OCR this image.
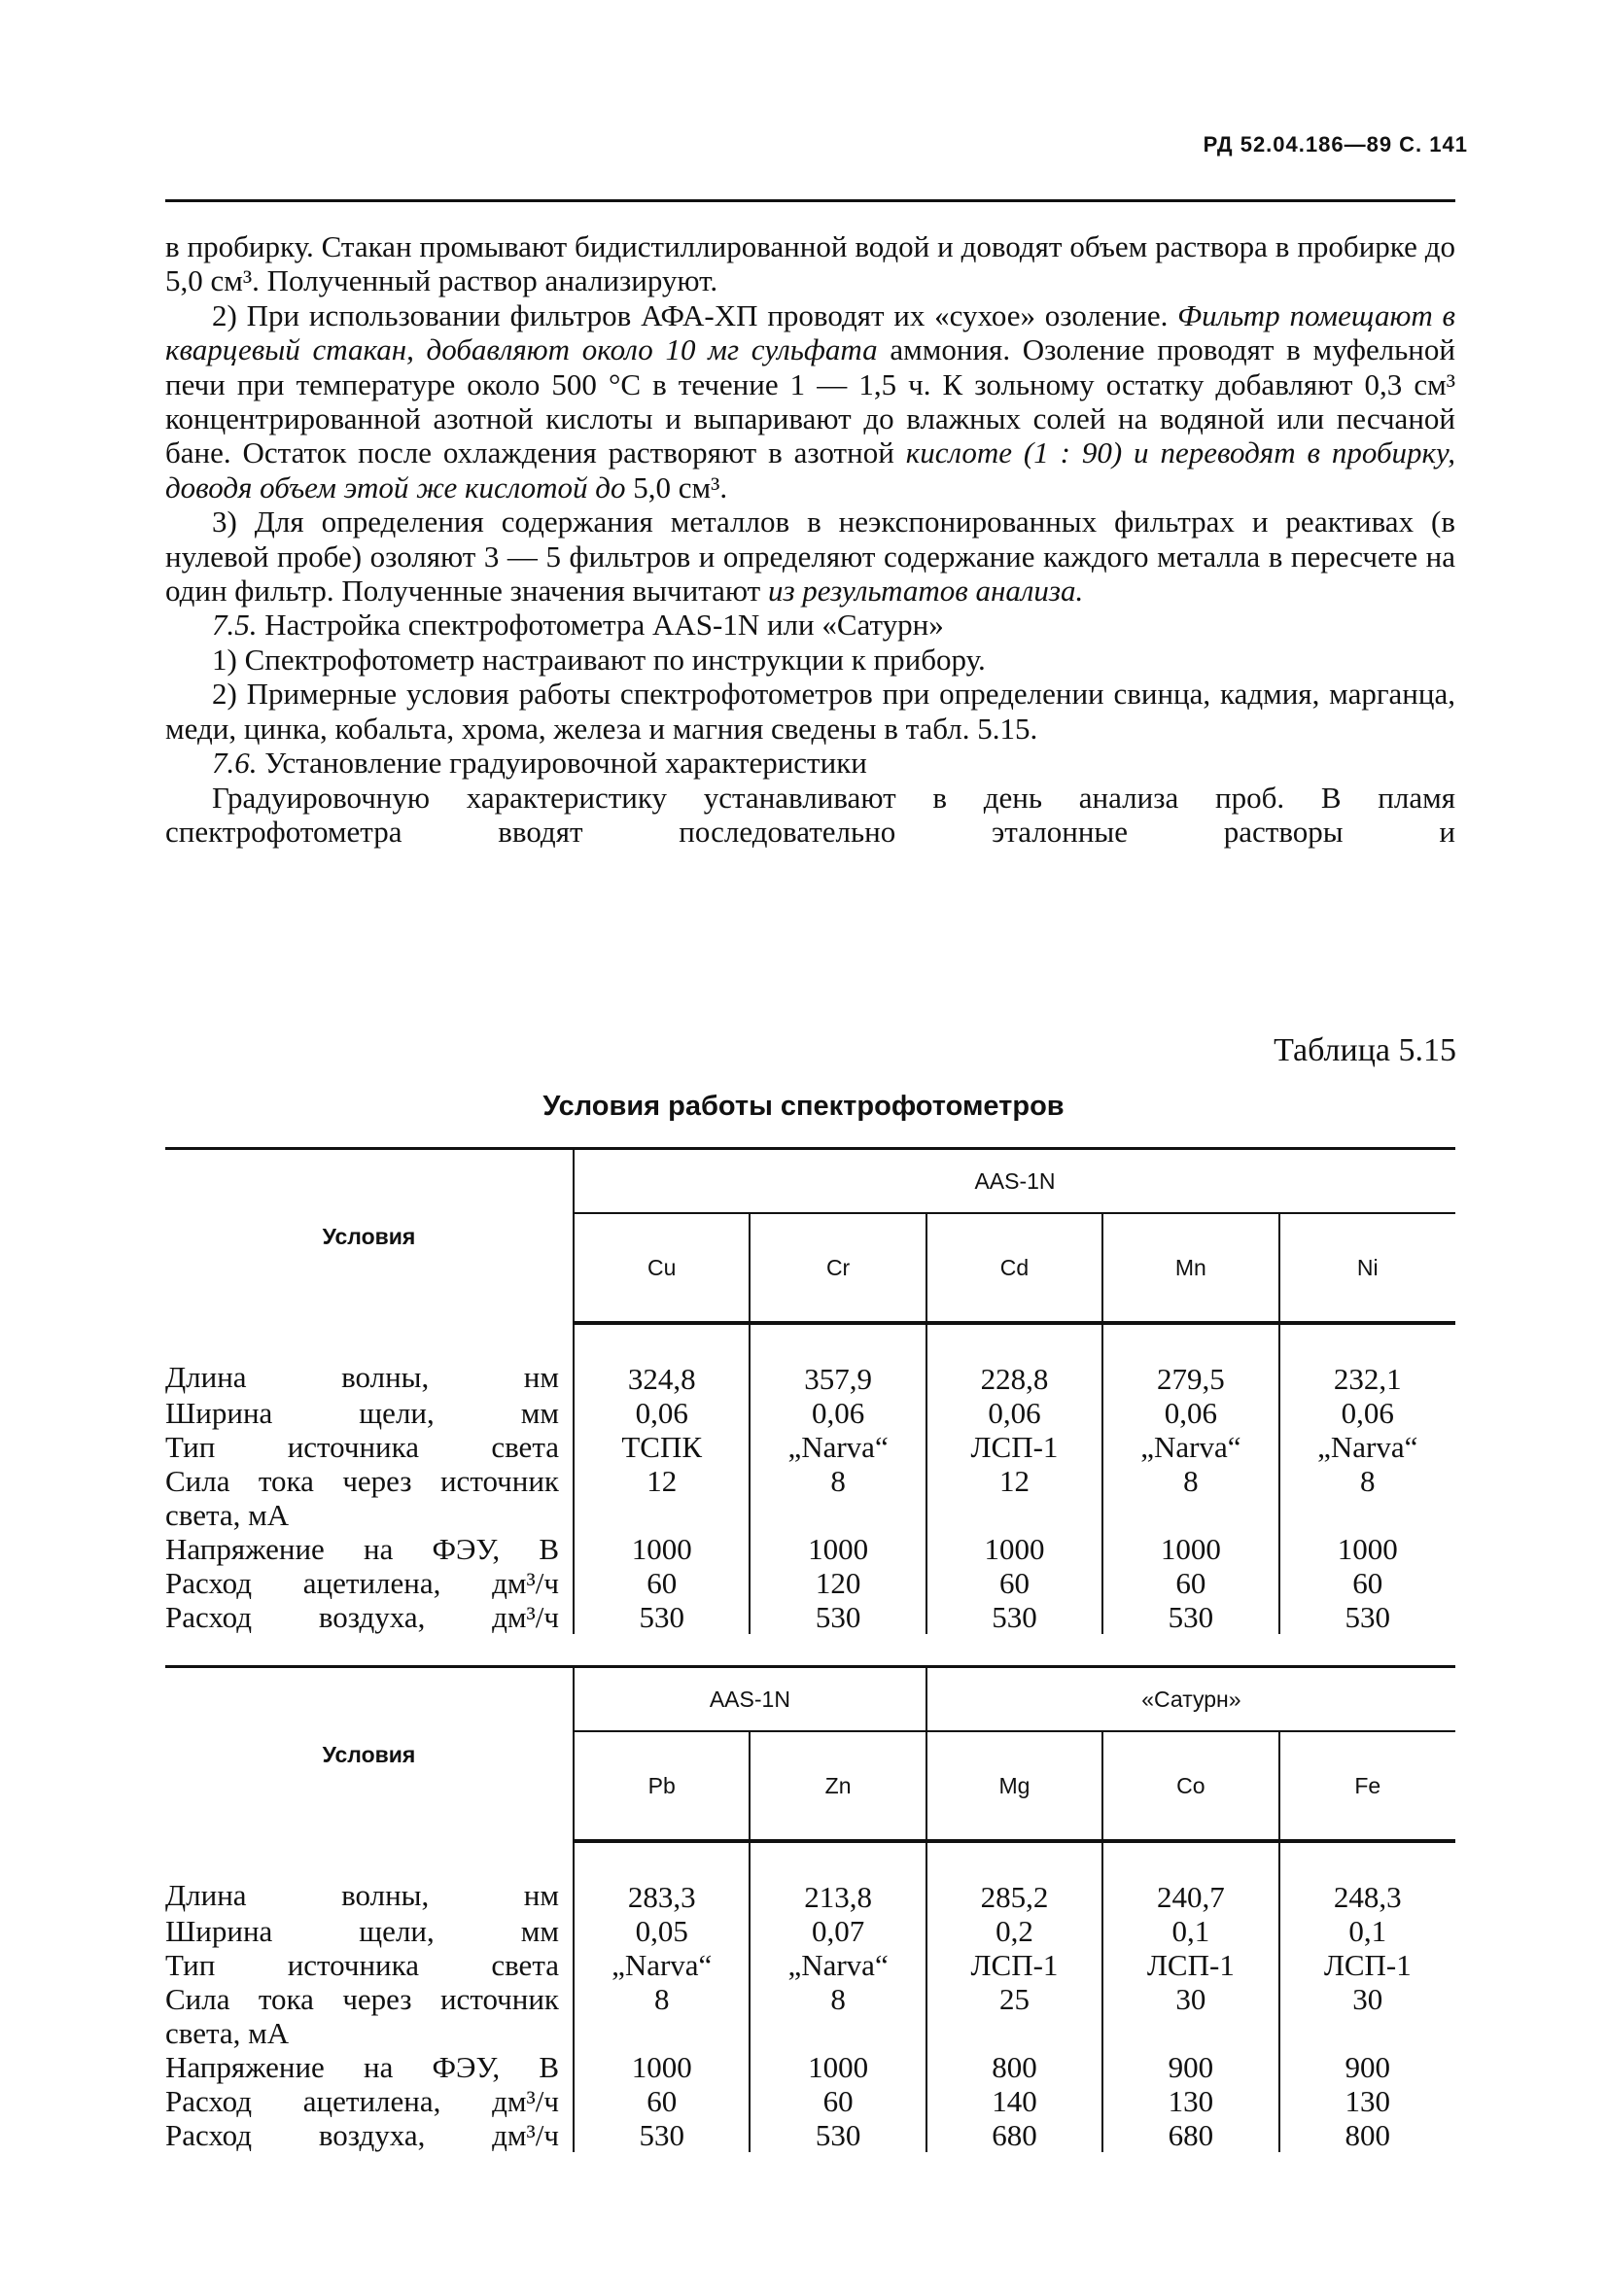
РД 52.04.186—89 С. 141

в пробирку. Стакан промывают бидистиллированной водой и доводят объем раствора в пробирке до 5,0 см³. Полученный раствор анализируют.

2) При использовании фильтров АФА-ХП проводят их «сухое» озоление. Фильтр помещают в кварцевый стакан, добавляют около 10 мг сульфата аммония. Озоление проводят в муфельной печи при температуре около 500 °С в течение 1 — 1,5 ч. К зольному остатку добавляют 0,3 см³ концентрированной азотной кислоты и выпаривают до влажных солей на водяной или песчаной бане. Остаток после охлаждения растворяют в азотной кислоте (1 : 90) и переводят в пробирку, доводя объем этой же кислотой до 5,0 см³.

3) Для определения содержания металлов в неэкспонированных фильтрах и реактивах (в нулевой пробе) озоляют 3 — 5 фильтров и определяют содержание каждого металла в пересчете на один фильтр. Полученные значения вычитают из результатов анализа.

7.5. Настройка спектрофотометра AAS-1N или «Сатурн»

1) Спектрофотометр настраивают по инструкции к прибору.

2) Примерные условия работы спектрофотометров при определении свинца, кадмия, марганца, меди, цинка, кобальта, хрома, железа и магния сведены в табл. 5.15.

7.6. Установление градуировочной характеристики

Градуировочную характеристику устанавливают в день анализа проб. В пламя спектрофотометра вводят последовательно эталонные растворы и

Таблица 5.15
Условия работы спектрофотометров
Условия	AAS-1N				
	Cu	Cr	Cd	Mn	Ni
Длина волны, нм	324,8	357,9	228,8	279,5	232,1
Ширина щели, мм	0,06	0,06	0,06	0,06	0,06
Тип источника света	ТСПК	„Narva“	ЛСП-1	„Narva“	„Narva“
Сила тока через источник света, мА	12	8	12	8	8
Напряжение на ФЭУ, В	1000	1000	1000	1000	1000
Расход ацетилена, дм³/ч	60	120	60	60	60
Расход воздуха, дм³/ч	530	530	530	530	530
Условия	AAS-1N		«Сатурн»		
	Pb	Zn	Mg	Co	Fe
Длина волны, нм	283,3	213,8	285,2	240,7	248,3
Ширина щели, мм	0,05	0,07	0,2	0,1	0,1
Тип источника света	„Narva“	„Narva“	ЛСП-1	ЛСП-1	ЛСП-1
Сила тока через источник света, мА	8	8	25	30	30
Напряжение на ФЭУ, В	1000	1000	800	900	900
Расход ацетилена, дм³/ч	60	60	140	130	130
Расход воздуха, дм³/ч	530	530	680	680	800
